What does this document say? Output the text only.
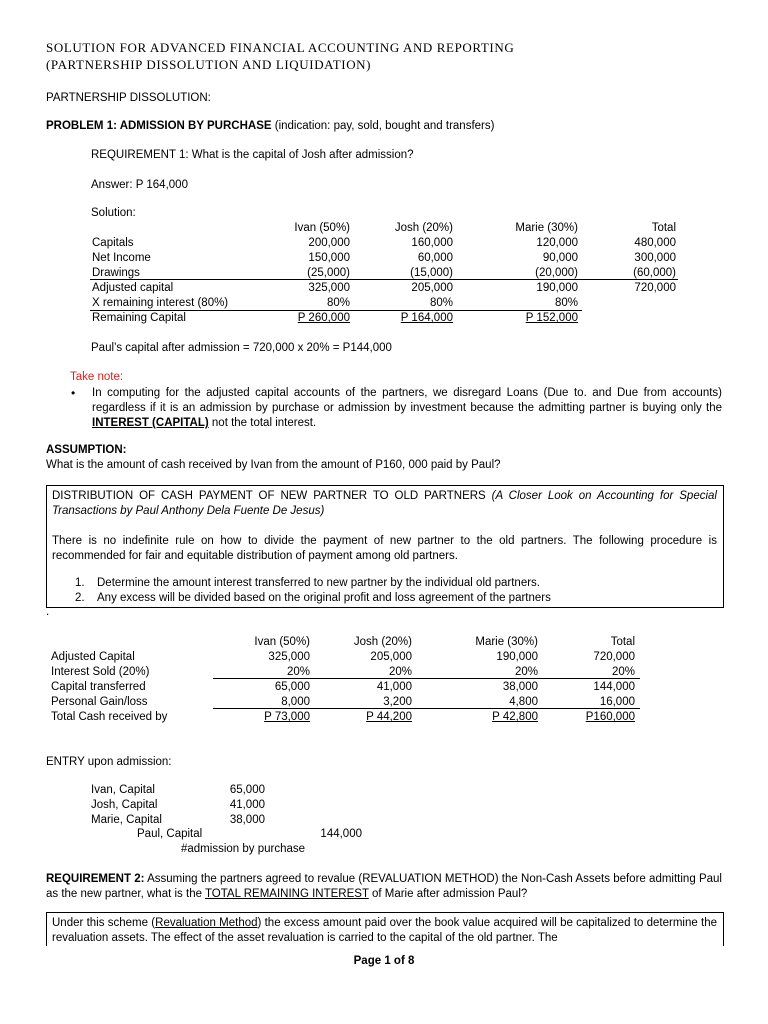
SOLUTION FOR ADVANCED FINANCIAL ACCOUNTING AND REPORTING
(PARTNERSHIP DISSOLUTION AND LIQUIDATION)
PARTNERSHIP DISSOLUTION:
PROBLEM 1: ADMISSION BY PURCHASE (indication: pay, sold, bought and transfers)
REQUIREMENT 1: What is the capital of Josh after admission?
Answer: P 164,000
Solution:
	Ivan (50%)	Josh (20%)	Marie (30%)	Total
Capitals	200,000	160,000	120,000	480,000
Net Income	150,000	60,000	90,000	300,000
Drawings	(25,000)	(15,000)	(20,000)	(60,000)
Adjusted capital	325,000	205,000	190,000	720,000
X remaining interest (80%)	80%	80%	80%	
Remaining Capital	P 260,000	P 164,000	P 152,000	
Paul’s capital after admission = 720,000 x 20% = P144,000
Take note:
• In computing for the adjusted capital accounts of the partners, we disregard Loans (Due to. and Due from accounts) regardless if it is an admission by purchase or admission by investment because the admitting partner is buying only the INTEREST (CAPITAL) not the total interest.
ASSUMPTION:
What is the amount of cash received by Ivan from the amount of P160, 000 paid by Paul?
DISTRIBUTION OF CASH PAYMENT OF NEW PARTNER TO OLD PARTNERS (A Closer Look on Accounting for Special Transactions by Paul Anthony Dela Fuente De Jesus)
There is no indefinite rule on how to divide the payment of new partner to the old partners. The following procedure is recommended for fair and equitable distribution of payment among old partners.
1. Determine the amount interest transferred to new partner by the individual old partners.
2. Any excess will be divided based on the original profit and loss agreement of the partners
.
	Ivan (50%)	Josh (20%)	Marie (30%)	Total
Adjusted Capital	325,000	205,000	190,000	720,000
Interest Sold (20%)	20%	20%	20%	20%
Capital transferred	65,000	41,000	38,000	144,000
Personal Gain/loss	8,000	3,200	4,800	16,000
Total Cash received by	P 73,000	P 44,200	P 42,800	P160,000
ENTRY upon admission:
Ivan, Capital	65,000
Josh, Capital	41,000
Marie, Capital	38,000
Paul, Capital	144,000
#admission by purchase
REQUIREMENT 2: Assuming the partners agreed to revalue (REVALUATION METHOD) the Non-Cash Assets before admitting Paul as the new partner, what is the TOTAL REMAINING INTEREST of Marie after admission Paul?
Under this scheme (Revaluation Method) the excess amount paid over the book value acquired will be capitalized to determine the revaluation assets. The effect of the asset revaluation is carried to the capital of the old partner. The
Page 1 of 8
